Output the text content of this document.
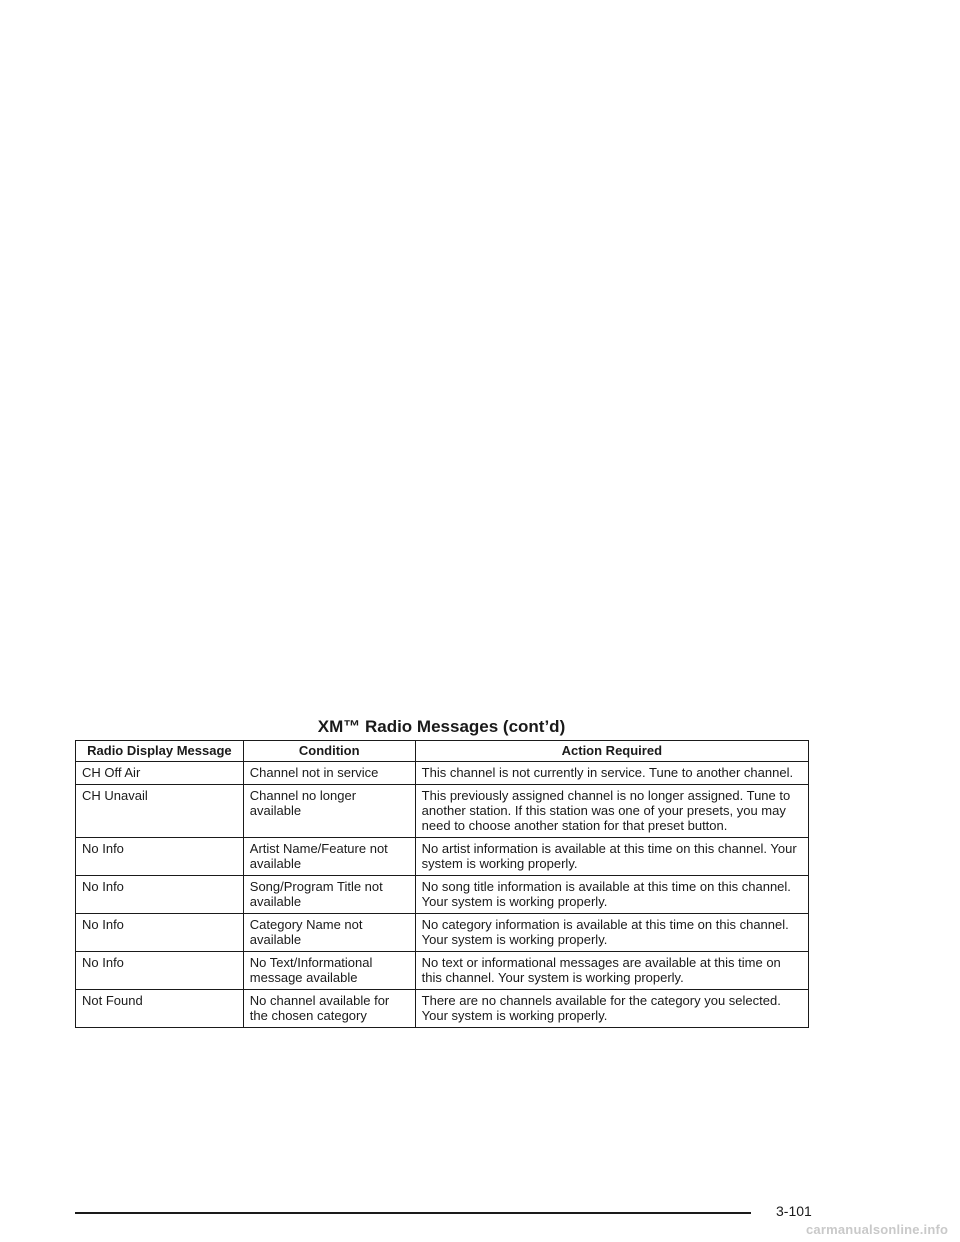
XM™ Radio Messages (cont’d)
Radio Display Message	Condition	Action Required
CH Off Air	Channel not in service	This channel is not currently in service. Tune to another channel.
CH Unavail	Channel no longer available	This previously assigned channel is no longer assigned. Tune to another station. If this station was one of your presets, you may need to choose another station for that preset button.
No Info	Artist Name/Feature not available	No artist information is available at this time on this channel. Your system is working properly.
No Info	Song/Program Title not available	No song title information is available at this time on this channel. Your system is working properly.
No Info	Category Name not available	No category information is available at this time on this channel. Your system is working properly.
No Info	No Text/Informational message available	No text or informational messages are available at this time on this channel. Your system is working properly.
Not Found	No channel available for the chosen category	There are no channels available for the category you selected. Your system is working properly.
3-101
carmanualsonline.info
